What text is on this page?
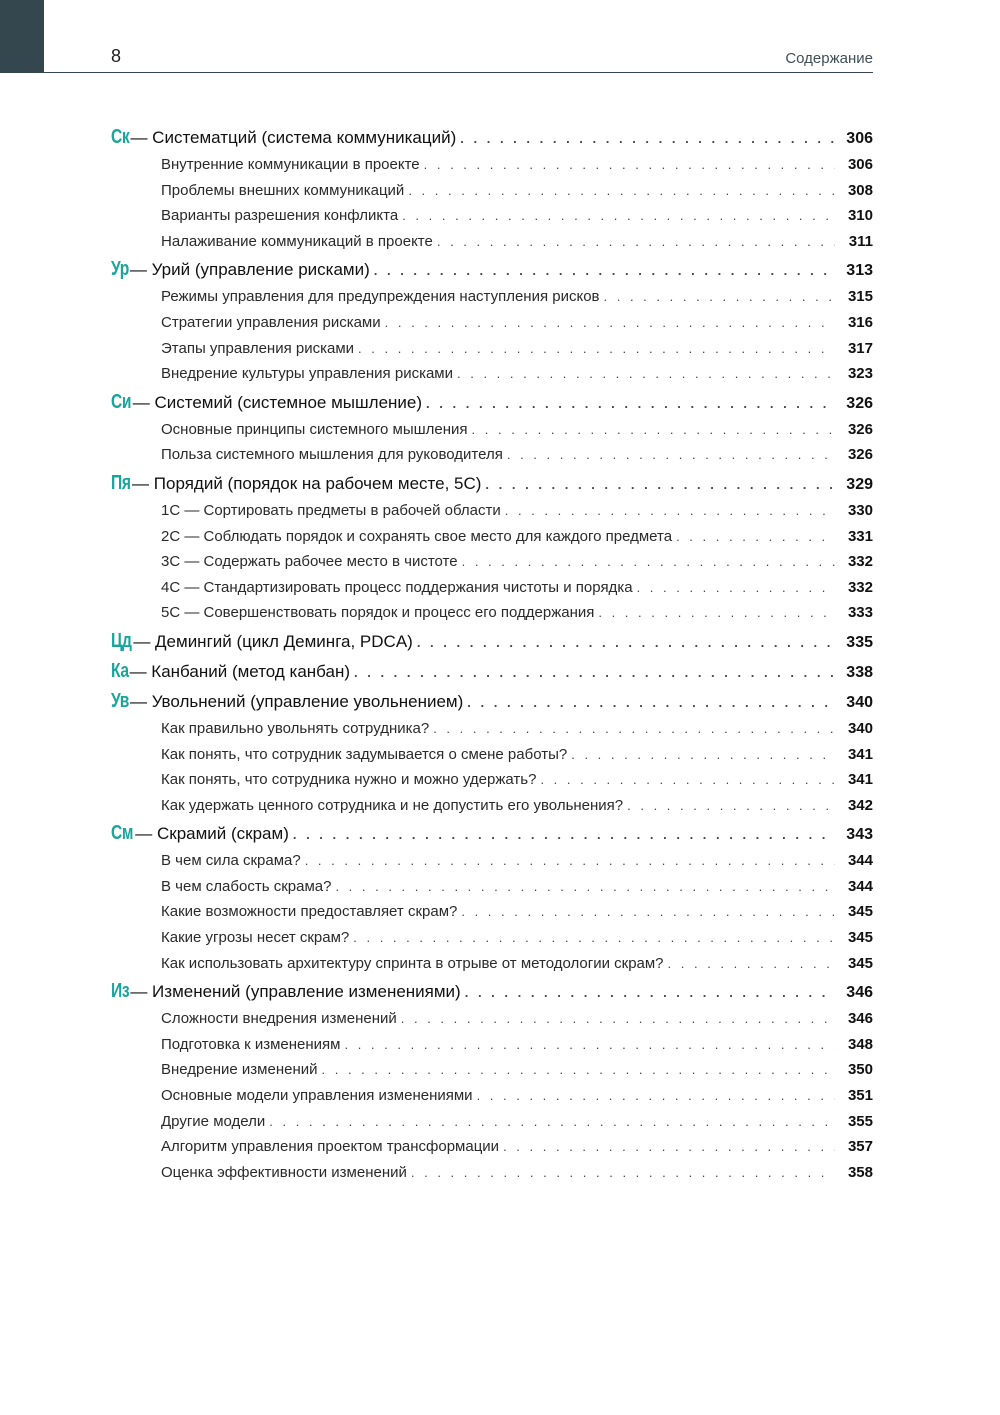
8	Содержание
Ск — Систематций (система коммуникаций) . . .	306
Внутренние коммуникации в проекте . . .	306
Проблемы внешних коммуникаций . . .	308
Варианты разрешения конфликта . . .	310
Налаживание коммуникаций в проекте . . .	311
Ур — Урий (управление рисками) . . .	313
Режимы управления для предупреждения наступления рисков . . .	315
Стратегии управления рисками . . .	316
Этапы управления рисками . . .	317
Внедрение культуры управления рисками . . .	323
Си — Системий (системное мышление) . . .	326
Основные принципы системного мышления . . .	326
Польза системного мышления для руководителя . . .	326
Пя — Порядий (порядок на рабочем месте, 5С) . . .	329
1С — Сортировать предметы в рабочей области . . .	330
2С — Соблюдать порядок и сохранять свое место для каждого предмета . . .	331
3С — Содержать рабочее место в чистоте . . .	332
4С — Стандартизировать процесс поддержания чистоты и порядка . . .	332
5С — Совершенствовать порядок и процесс его поддержания . . .	333
Цд — Демингий (цикл Деминга, PDCA) . . .	335
Ка — Канбаний (метод канбан) . . .	338
Ув — Увольнений (управление увольнением) . . .	340
Как правильно увольнять сотрудника? . . .	340
Как понять, что сотрудник задумывается о смене работы? . . .	341
Как понять, что сотрудника нужно и можно удержать? . . .	341
Как удержать ценного сотрудника и не допустить его увольнения? . . .	342
См — Скрамий (скрам) . . .	343
В чем сила скрама? . . .	344
В чем слабость скрама? . . .	344
Какие возможности предоставляет скрам? . . .	345
Какие угрозы несет скрам? . . .	345
Как использовать архитектуру спринта в отрыве от методологии скрам? . . .	345
Из — Изменений (управление изменениями) . . .	346
Сложности внедрения изменений . . .	346
Подготовка к изменениям . . .	348
Внедрение изменений . . .	350
Основные модели управления изменениями . . .	351
Другие модели . . .	355
Алгоритм управления проектом трансформации . . .	357
Оценка эффективности изменений . . .	358
